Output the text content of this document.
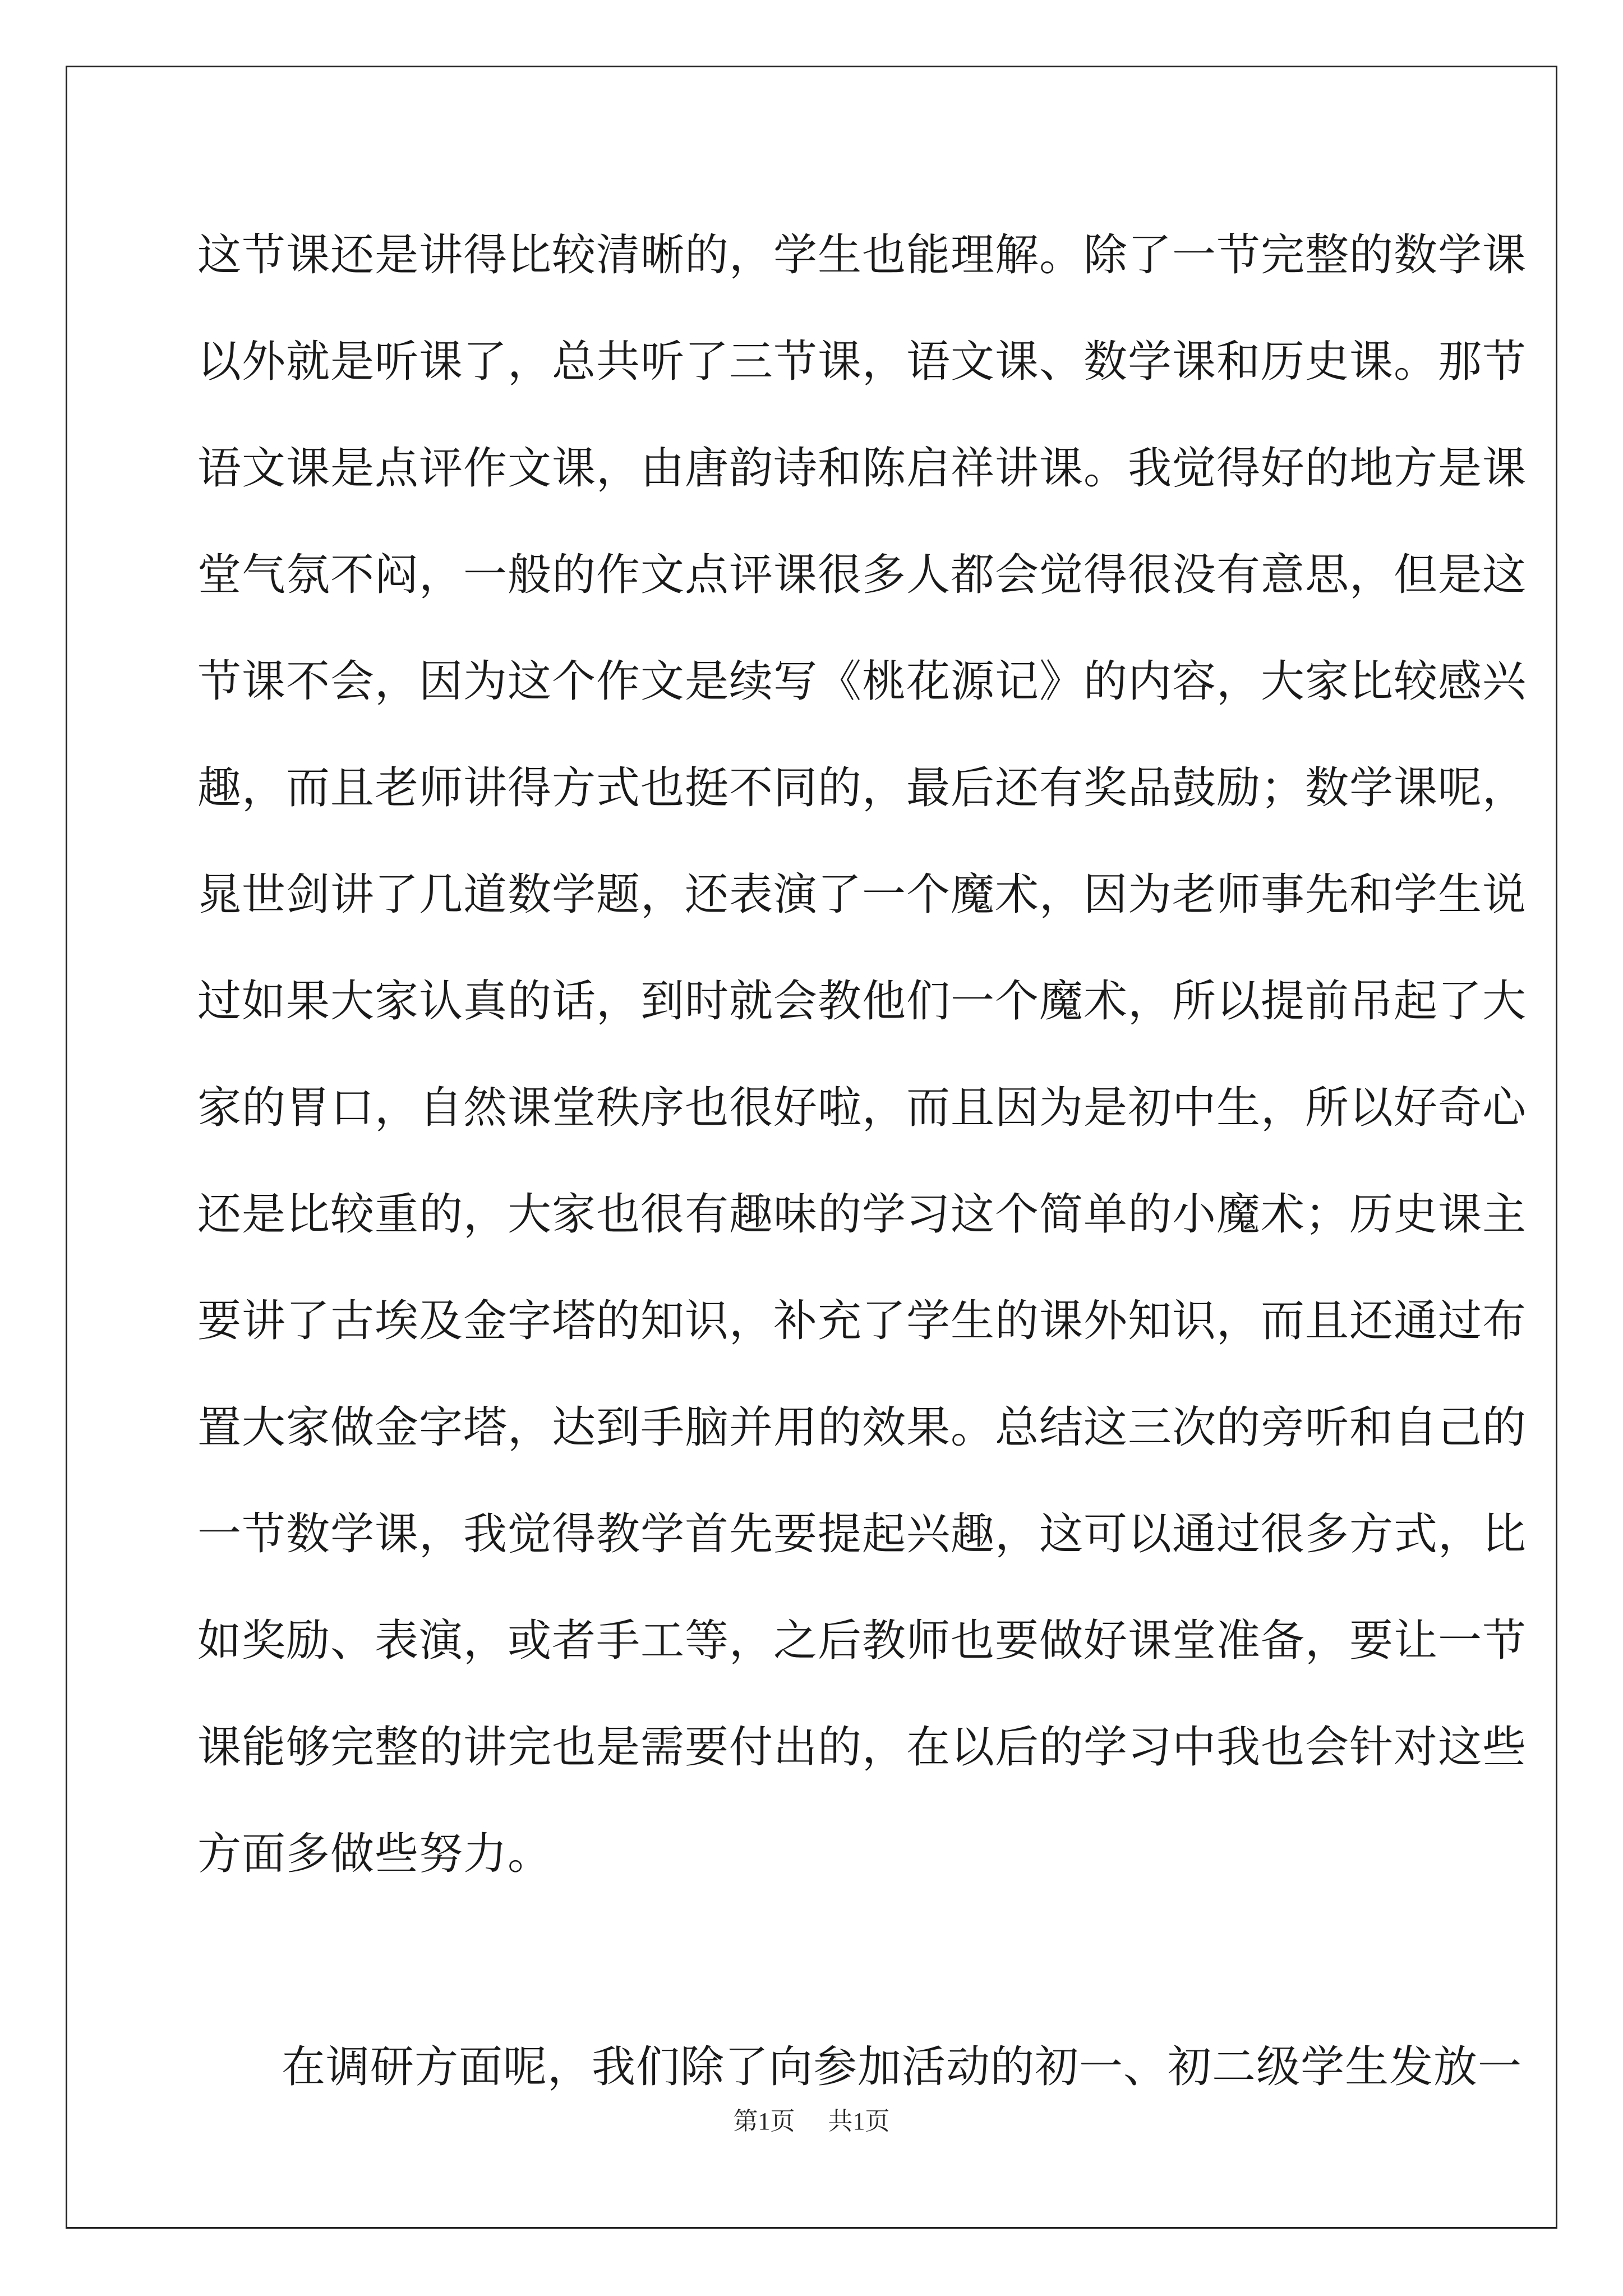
这节课还是讲得比较清晰的，学生也能理解。除了一节完整的数学课
以外就是听课了，总共听了三节课，语文课、数学课和历史课。那节
语文课是点评作文课，由唐韵诗和陈启祥讲课。我觉得好的地方是课
堂气氛不闷，一般的作文点评课很多人都会觉得很没有意思，但是这
节课不会，因为这个作文是续写《桃花源记》的内容，大家比较感兴
趣，而且老师讲得方式也挺不同的，最后还有奖品鼓励；数学课呢，
晁世剑讲了几道数学题，还表演了一个魔术，因为老师事先和学生说
过如果大家认真的话，到时就会教他们一个魔术，所以提前吊起了大
家的胃口，自然课堂秩序也很好啦，而且因为是初中生，所以好奇心
还是比较重的，大家也很有趣味的学习这个简单的小魔术；历史课主
要讲了古埃及金字塔的知识，补充了学生的课外知识，而且还通过布
置大家做金字塔，达到手脑并用的效果。总结这三次的旁听和自己的
一节数学课，我觉得教学首先要提起兴趣，这可以通过很多方式，比
如奖励、表演，或者手工等，之后教师也要做好课堂准备，要让一节
课能够完整的讲完也是需要付出的，在以后的学习中我也会针对这些
方面多做些努力。
在调研方面呢，我们除了向参加活动的初一、初二级学生发放一
第1页 共1页
